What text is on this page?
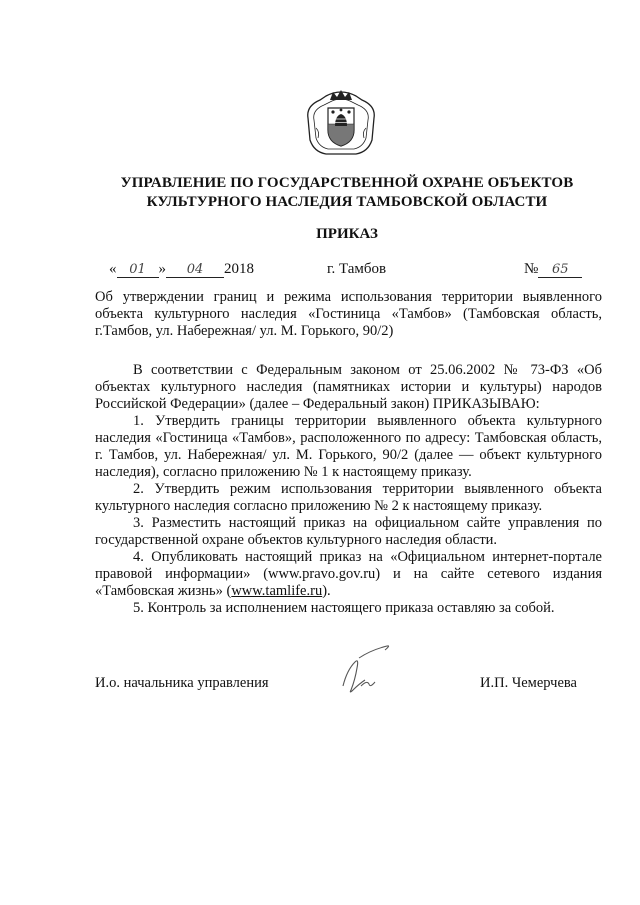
УПРАВЛЕНИЕ ПО ГОСУДАРСТВЕННОЙ ОХРАНЕ ОБЪЕКТОВ
КУЛЬТУРНОГО НАСЛЕДИЯ ТАМБОВСКОЙ ОБЛАСТИ
ПРИКАЗ
« 01 » 04 2018	г. Тамбов	№ 65
Об утверждении границ и режима использования территории выявленного объекта культурного наследия «Гостиница «Тамбов» (Тамбовская область, г.Тамбов, ул. Набережная/ ул. М. Горького, 90/2)

В соответствии с Федеральным законом от 25.06.2002 № 73-ФЗ «Об объектах культурного наследия (памятниках истории и культуры) народов Российской Федерации» (далее – Федеральный закон) ПРИКАЗЫВАЮ:

1. Утвердить границы территории выявленного объекта культурного наследия «Гостиница «Тамбов», расположенного по адресу: Тамбовская область, г. Тамбов, ул. Набережная/ ул. М. Горького, 90/2 (далее — объект культурного наследия), согласно приложению № 1 к настоящему приказу.

2. Утвердить режим использования территории выявленного объекта культурного наследия согласно приложению № 2 к настоящему приказу.

3. Разместить настоящий приказ на официальном сайте управления по государственной охране объектов культурного наследия области.

4. Опубликовать настоящий приказ на «Официальном интернет-портале правовой информации» (www.pravo.gov.ru) и на сайте сетевого издания «Тамбовская жизнь» (www.tamlife.ru).

5. Контроль за исполнением настоящего приказа оставляю за собой.

И.о. начальника управления	И.П. Чемерчева
